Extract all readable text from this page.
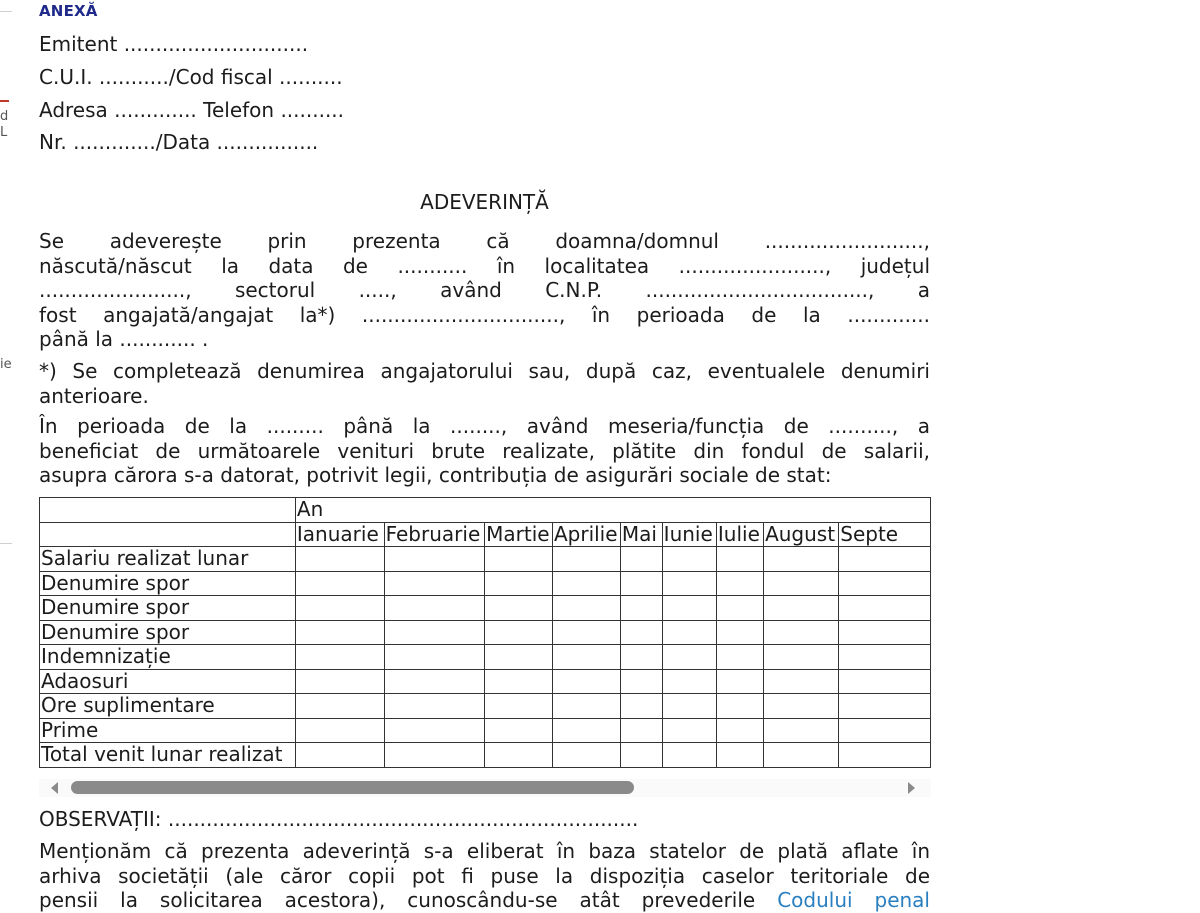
d
L
ie
ANEXĂ
Emitent .............................
C.U.I. .........../Cod fiscal ..........
Adresa ............. Telefon ..........
Nr. ............./Data ................
ADEVERINȚĂ
Se adeverește prin prezenta că doamna/domnul .........................,
născută/născut la data de ........... în localitatea ......................., județul
......................., sectorul ....., având C.N.P. ..................................., a
fost angajată/angajat la*) ..............................., în perioada de la .............
până la ............ .
*) Se completează denumirea angajatorului sau, după caz, eventualele denumiri
anterioare.
În perioada de la ......... până la ........, având meseria/funcția de .........., a
beneficiat de următoarele venituri brute realizate, plătite din fondul de salarii,
asupra cărora s-a datorat, potrivit legii, contribuția de asigurări sociale de stat:
	An								
	Ianuarie	Februarie	Martie	Aprilie	Mai	Iunie	Iulie	August	Septe
Salariu realizat lunar									
Denumire spor									
Denumire spor									
Denumire spor									
Indemnizație									
Adaosuri									
Ore suplimentare									
Prime									
Total venit lunar realizat									
OBSERVAȚII: ..........................................................................
Menționăm că prezenta adeverință s-a eliberat în baza statelor de plată aflate în
arhiva societății (ale căror copii pot fi puse la dispoziția caselor teritoriale de
pensii la solicitarea acestora), cunoscându-se atât prevederile Codului penal
